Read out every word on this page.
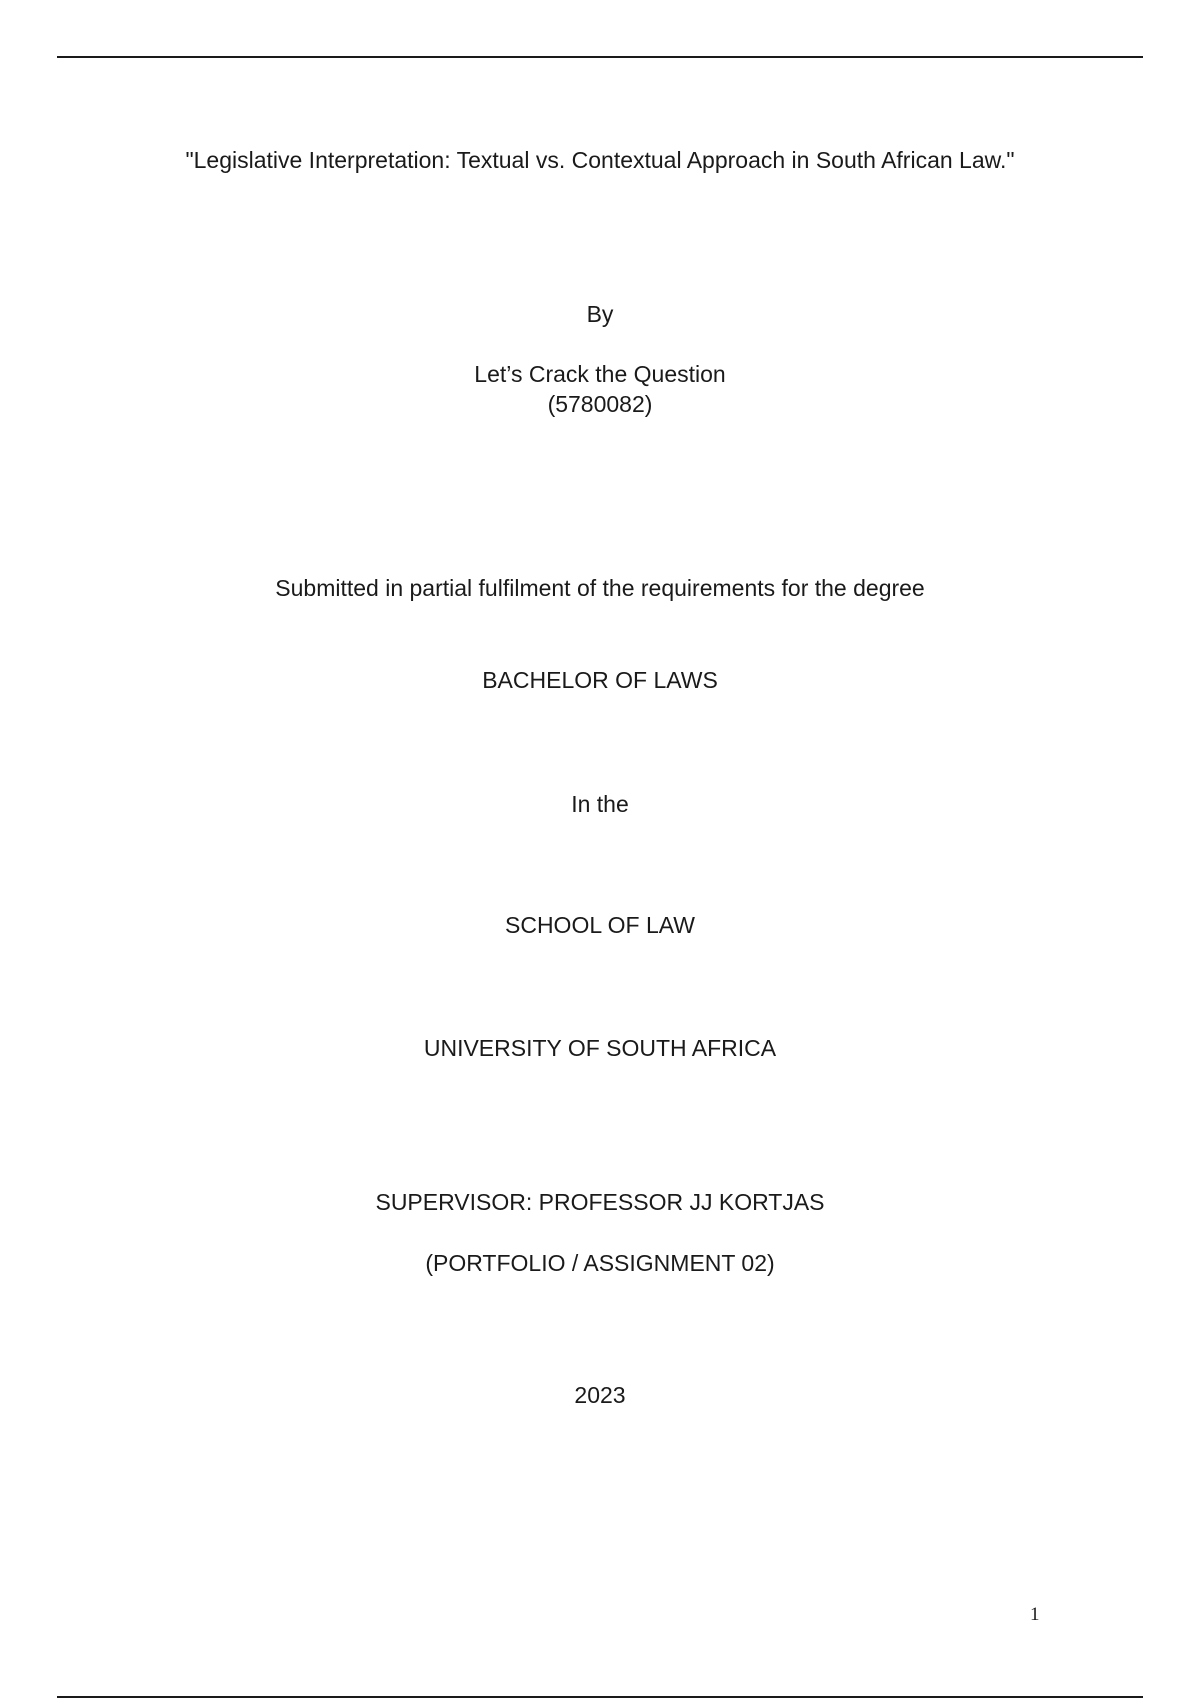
"Legislative Interpretation: Textual vs. Contextual Approach in South African Law."
By
Let’s Crack the Question
(5780082)
Submitted in partial fulfilment of the requirements for the degree
BACHELOR OF LAWS
In the
SCHOOL OF LAW
UNIVERSITY OF SOUTH AFRICA
SUPERVISOR: PROFESSOR JJ KORTJAS
(PORTFOLIO / ASSIGNMENT 02)
2023
1
